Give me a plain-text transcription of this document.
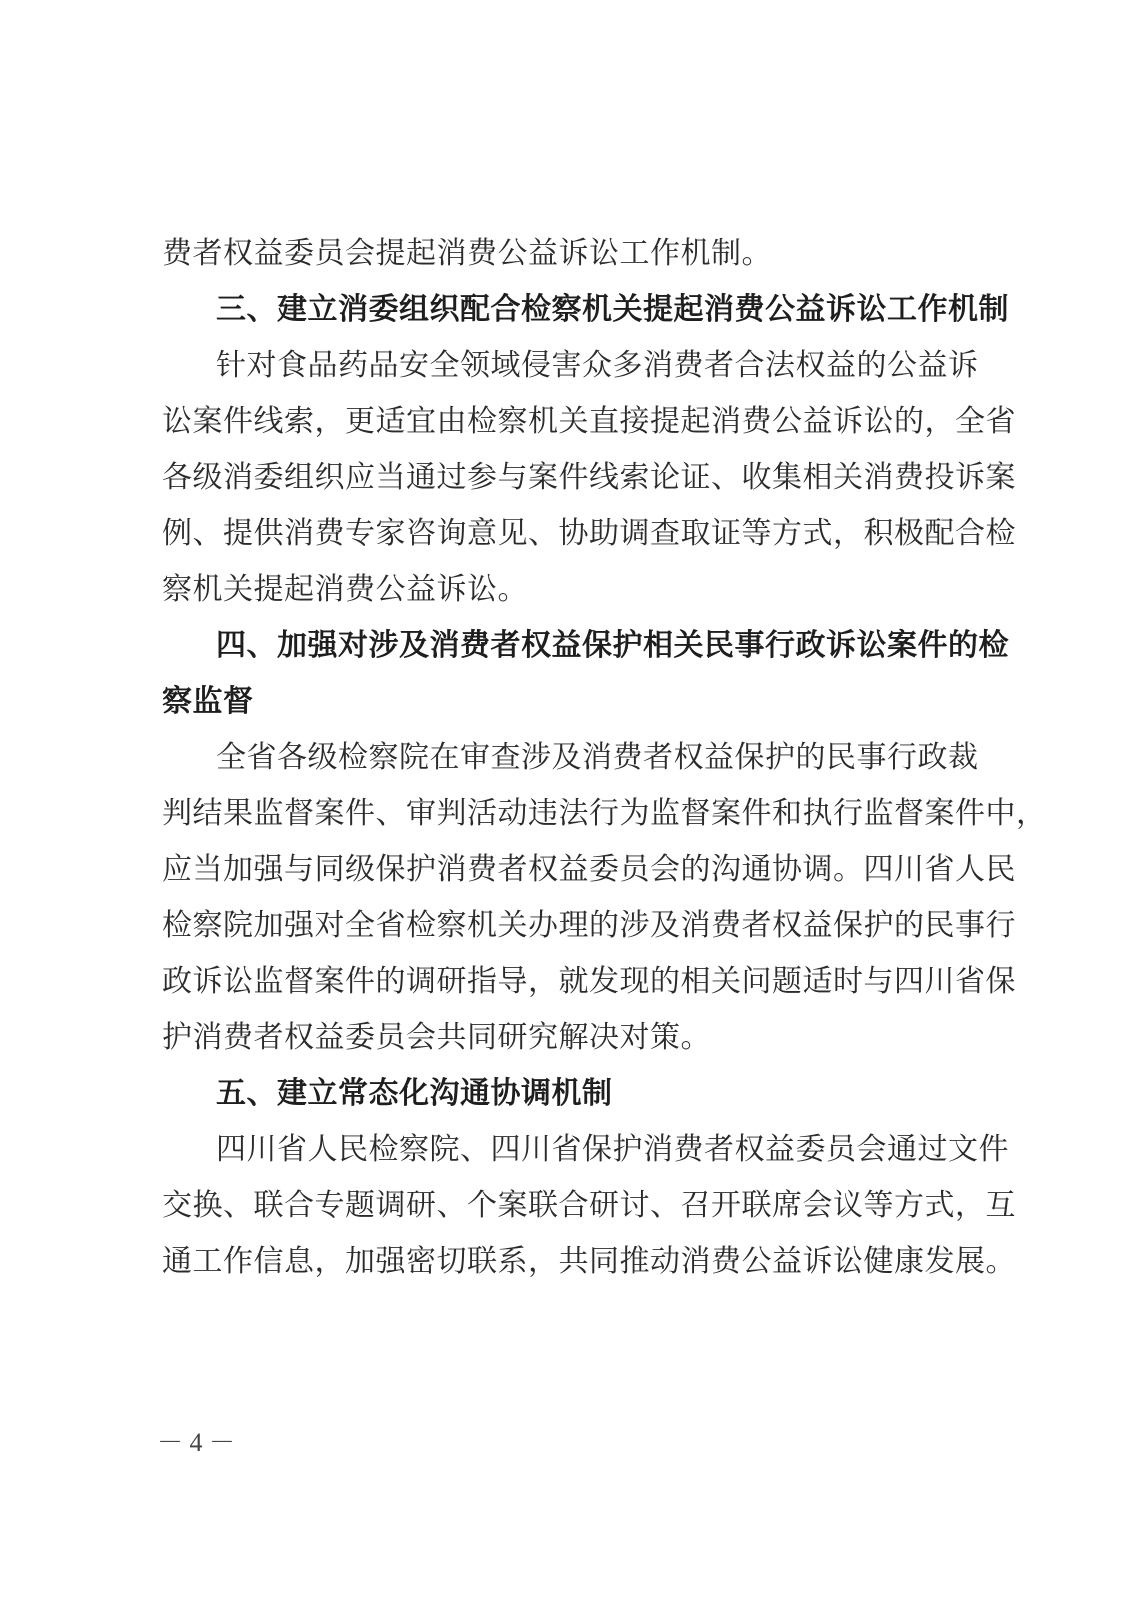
费者权益委员会提起消费公益诉讼工作机制。
三、建立消委组织配合检察机关提起消费公益诉讼工作机制
针对食品药品安全领域侵害众多消费者合法权益的公益诉
讼案件线索，更适宜由检察机关直接提起消费公益诉讼的，全省
各级消委组织应当通过参与案件线索论证、收集相关消费投诉案
例、提供消费专家咨询意见、协助调查取证等方式，积极配合检
察机关提起消费公益诉讼。
四、加强对涉及消费者权益保护相关民事行政诉讼案件的检
察监督
全省各级检察院在审查涉及消费者权益保护的民事行政裁
判结果监督案件、审判活动违法行为监督案件和执行监督案件中，
应当加强与同级保护消费者权益委员会的沟通协调。四川省人民
检察院加强对全省检察机关办理的涉及消费者权益保护的民事行
政诉讼监督案件的调研指导，就发现的相关问题适时与四川省保
护消费者权益委员会共同研究解决对策。
五、建立常态化沟通协调机制
四川省人民检察院、四川省保护消费者权益委员会通过文件
交换、联合专题调研、个案联合研讨、召开联席会议等方式，互
通工作信息，加强密切联系，共同推动消费公益诉讼健康发展。
－ 4 －
